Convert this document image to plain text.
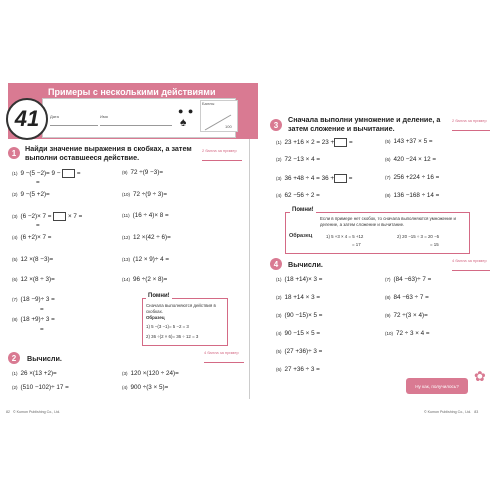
Примеры с несколькими действиями
41	Дата	Имя
Уровень
● ●
♠
Баллы
100
1	Найди значение выражения в скобках, а затем выполни оставшееся действие.
2 балла за пример
(1) 9 −(5 −2)= 9 −	=
=
(2) 9 −(5 +2)=
(3) (6 −2)× 7 =	× 7 =
=
(4) (6 +2)× 7 =
(5) 12 ×(8 −3)=
(6) 12 ×(8 ÷ 3)=
(7) (18 −9)÷ 3 =
(8) (18 +9)÷ 3 =
(9) 72 ÷(9 −3)=
(10) 72 ÷(9 ÷ 3)=
(11) (16 ÷ 4)× 8 =
(12) 12 ×(42 ÷ 6)=
(13) (12 × 9)÷ 4 =
(14) 96 ÷(2 × 8)=
=
=
Помни!
Сначала выполняются действия в скобках.
Образец
1) 5 −(3 −1)= 5 −2 = 3
2) 36 ÷(2 × 6)= 36 ÷ 12 = 3
2	Вычисли.
4 балла за пример
(1) 26 ×(13 +2)=
(2) (510 −102)÷ 17 =
(3) 120 ×(120 ÷ 24)=
(4) 900 ÷(3 × 5)=
82 © Kumon Publishing Co., Ltd.
3
Сначала выполни умножение и деление, а затем сложение и вычитание.
2 балла за пример
(1) 23 +16 × 2 = 23 + =
(2) 72 −13 × 4 =
(3) 36 +48 ÷ 4 = 36 + =
(4) 62 −56 ÷ 2 =
(5) 143 +37 × 5 =
(6) 420 −24 × 12 =
(7) 256 +224 ÷ 16 =
(8) 136 −168 ÷ 14 =
Помни!
Если в примере нет скобок, то сначала выполняются умножение и деление, а затем сложение и вычитание.
Образец	1) 5 +3 × 4 = 5 +12
= 17
2) 20 −15 ÷ 3 = 20 −5
= 15
4	Вычисли.	4 балла за пример
(1) (18 +14)× 3 =
(2) 18 +14 × 3 =
(3) (90 −15)× 5 =
(4) 90 −15 × 5 =
(5) (27 +36)÷ 3 =
(6) 27 +36 ÷ 3 =
(7) (84 −63)÷ 7 =
(8) 84 −63 ÷ 7 =
(9) 72 ÷(3 × 4)=
(10) 72 ÷ 3 × 4 =
Ну как, получилось?
✿
© Kumon Publishing Co., Ltd. 83
